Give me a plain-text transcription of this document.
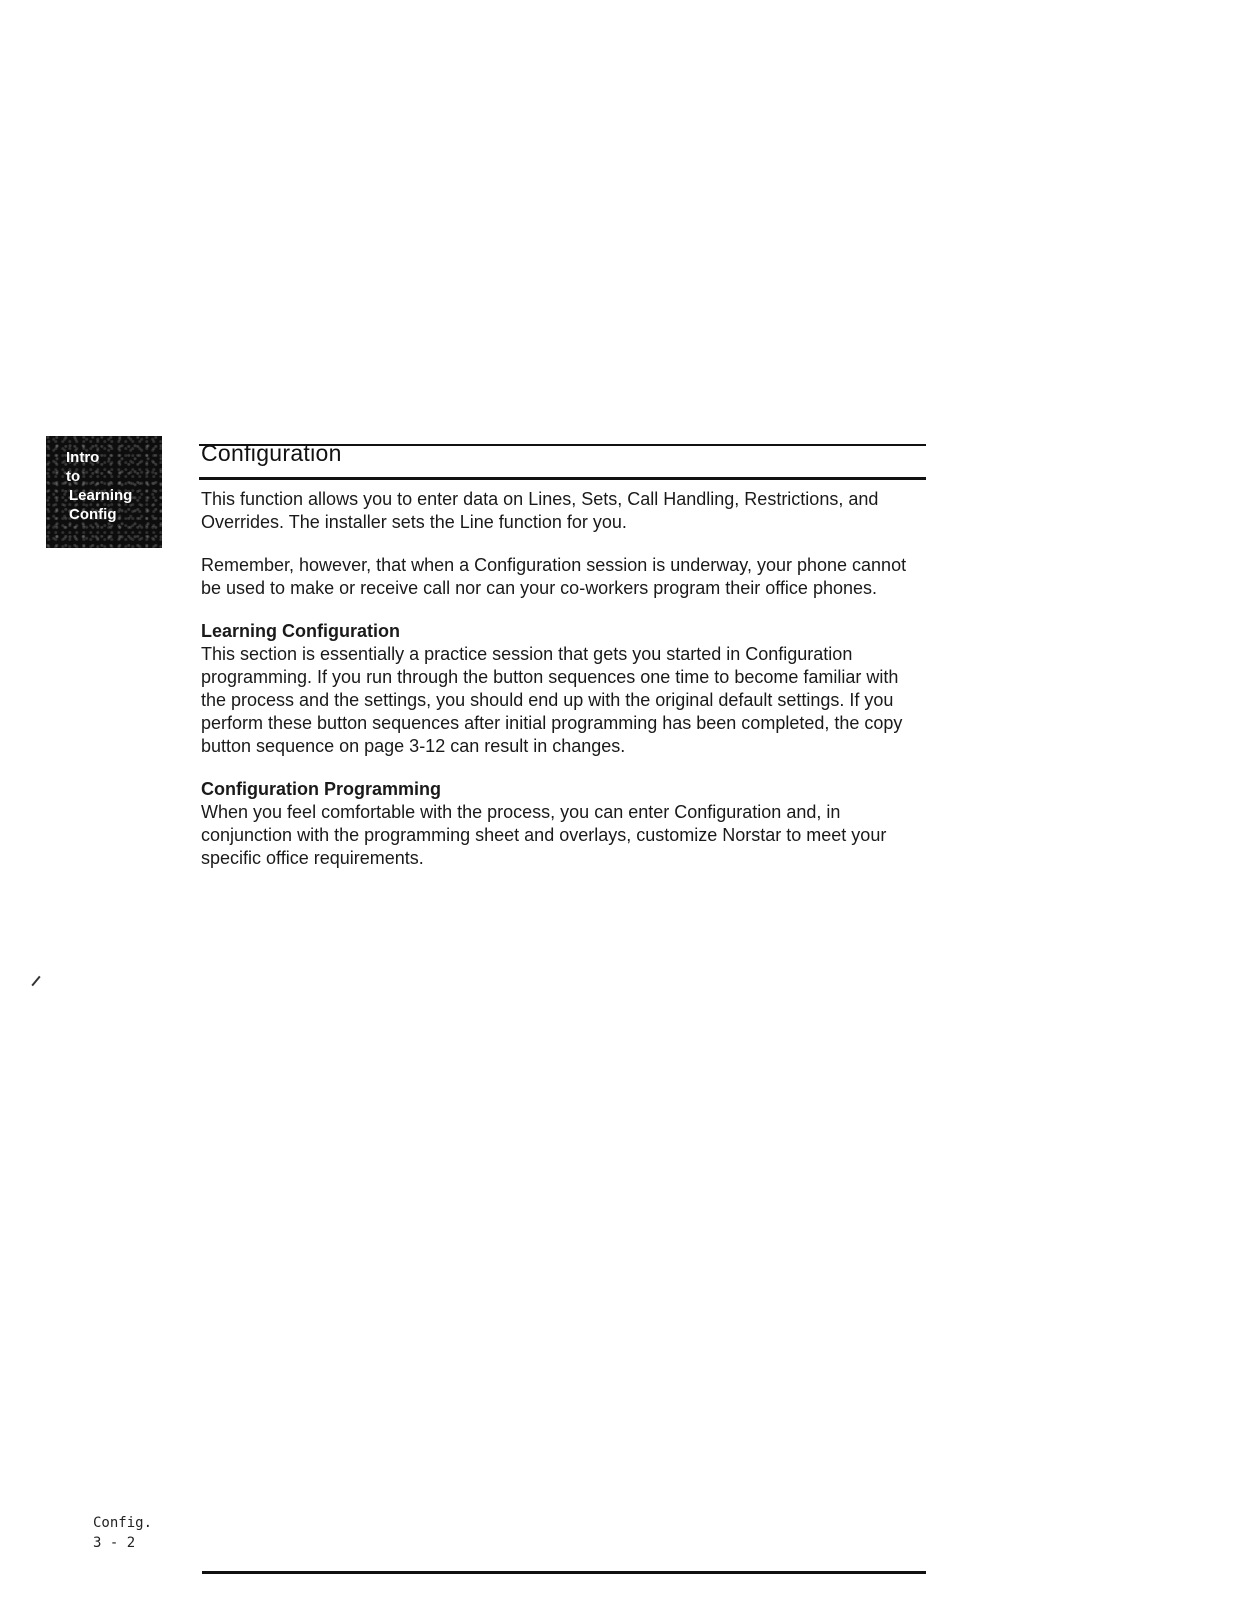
Intro
to
Learning
Config
Configuration

This function allows you to enter data on Lines, Sets, Call Handling, Restrictions, and Overrides. The installer sets the Line function for you.

Remember, however, that when a Configuration session is underway, your phone cannot be used to make or receive call nor can your co-workers program their office phones.

Learning Configuration
This section is essentially a practice session that gets you started in Configuration programming. If you run through the button sequences one time to become familiar with the process and the settings, you should end up with the original default settings. If you perform these button sequences after initial programming has been completed, the copy button sequence on page 3-12 can result in changes.

Configuration Programming
When you feel comfortable with the process, you can enter Configuration and, in conjunction with the programming sheet and overlays, customize Norstar to meet your specific office requirements.

Config.
3 - 2
